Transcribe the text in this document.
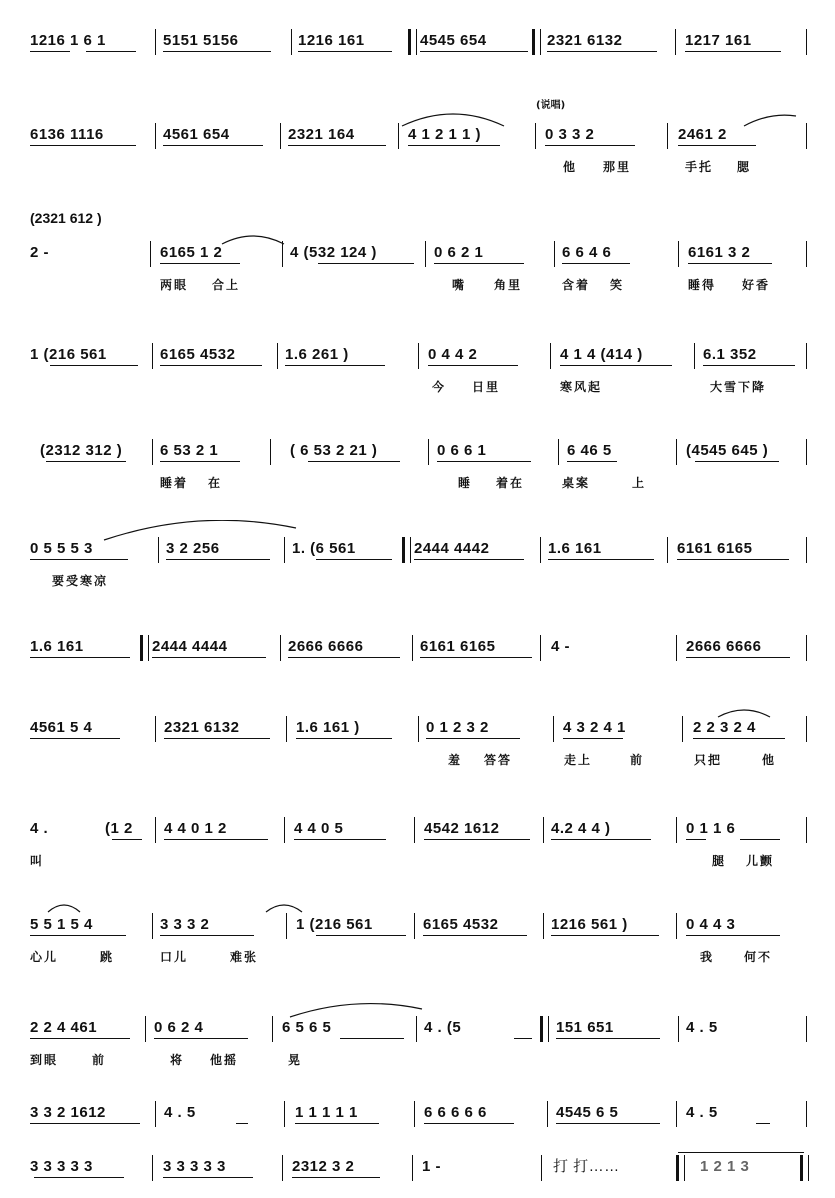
1216 1 6 1	5151 5156	1216 161	4545 654	2321 6132	1217 161
(说唱)
6136 1116	4561 654	2321 164	4 1 2 1 1 )	0 3 3 2	2461 2
他 那里	手托 腮
(2321 612 )
2 -	6165 1 2	4 (532 124 )	0 6 2 1	6 6 4 6	6161 3 2
两眼 合上	嘴 角里	含着 笑	睡得 好香
1 (216 561	6165 4532	1.6 261 )	0 4 4 2	4 1 4 (414 )	6.1 352
今 日里	寒风起	大雪下降
(2312 312 )	6 53 2 1	( 6 53 2 21 )	0 6 6 1	6 46 5	(4545 645 )
睡着 在	睡 着在	桌案	上
0 5 5 5 3	3 2 256	1. (6 561	2444 4442	1.6 161	6161 6165
要受寒凉
1.6 161	2444 4444	2666 6666	6161 6165	4 -	2666 6666
4561 5 4	2321 6132	1.6 161 )	0 1 2 3 2	4 3 2 4 1	2 2 3 2 4
羞 答答	走上	前	只把	他
4 .	(1 2 4 4 0 1 2	4 4 0 5	4542 1612	4.2 4 4 )	0 1 1 6
叫	腿 儿颤
5 5 1 5 4	3 3 3 2	1 (216 561	6165 4532	1216 561 )	0 4 4 3
心儿	跳	口儿	难张	我 何不
2 2 4 461	0 6 2 4	6 5 6 5	4 . (5	151 651	4 . 5
到眼	前	将 他摇	晃
3 3 2 1612	4 . 5	1 1 1 1 1	6 6 6 6 6	4545 6 5	4 . 5
3 3 3 3 3	3 3 3 3 3	2312 3 2	1 -	打 打……	1 2 1 3
